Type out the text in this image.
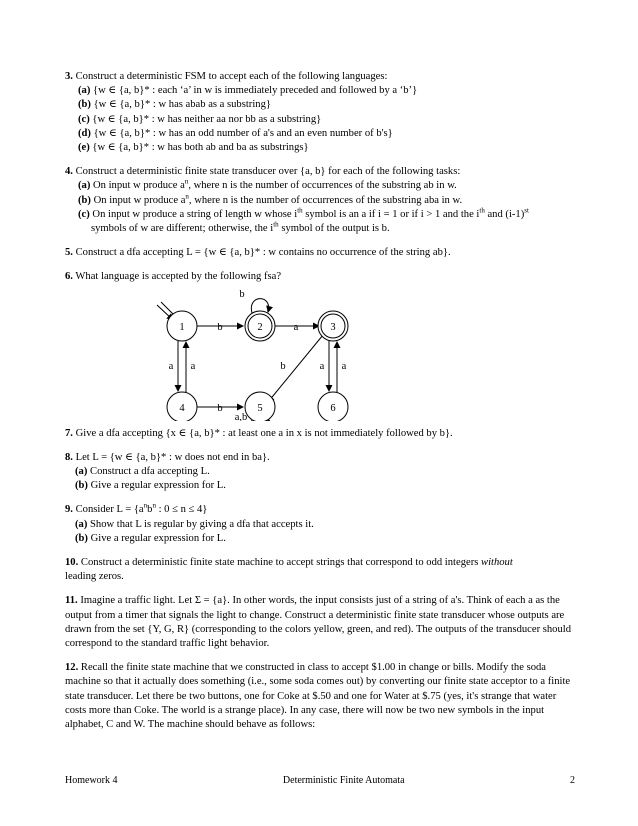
3. Construct a deterministic FSM to accept each of the following languages:

(a) {w ∈ {a, b}* : each ‘a’ in w is immediately preceded and followed by a ‘b’}

(b) {w ∈ {a, b}* : w has abab as a substring}

(c) {w ∈ {a, b}* : w has neither aa nor bb as a substring}

(d) {w ∈ {a, b}* : w has an odd number of a's and an even number of b's}

(e) {w ∈ {a, b}* : w has both ab and ba as substrings}

4. Construct a deterministic finite state transducer over {a, b} for each of the following tasks:

(a) On input w produce $a^n$, where n is the number of occurrences of the substring ab in w.

(b) On input w produce $a^n$, where n is the number of occurrences of the substring aba in w.

(c) On input w produce a string of length w whose $i^{th}$ symbol is an a if i = 1 or if i > 1 and the $i^{th}$ and $(i-1)^{st}$

symbols of w are different; otherwise, the $i^{th}$ symbol of the output is b.

5. Construct a dfa accepting L = {w ∈ {a, b}* : w contains no occurrence of the string ab}.

6. What language is accepted by the following fsa?

1	2	3
4	5	6
b
b	a
a a	b	a a
b
a,b

7. Give a dfa accepting {x ∈ {a, b}* : at least one a in x is not immediately followed by b}.

8. Let L = {w ∈ {a, b}* : w does not end in ba}.

(a) Construct a dfa accepting L.

(b) Give a regular expression for L.

9. Consider $L = \{a^nb^n$ : 0 ≤ n ≤ 4}

(a) Show that L is regular by giving a dfa that accepts it.

(b) Give a regular expression for L.

10. Construct a deterministic finite state machine to accept strings that correspond to odd integers without

leading zeros.

11. Imagine a traffic light. Let Σ = {a}. In other words, the input consists just of a string of a's. Think of each a as the output from a timer that signals the light to change. Construct a deterministic finite state transducer whose outputs are drawn from the set {Y, G, R} (corresponding to the colors yellow, green, and red). The outputs of the transducer should correspond to the standard traffic light behavior.

12. Recall the finite state machine that we constructed in class to accept $1.00 in change or bills. Modify the soda machine so that it actually does something (i.e., some soda comes out) by converting our finite state acceptor to a finite state transducer. Let there be two buttons, one for Coke at $.50 and one for Water at $.75 (yes, it's strange that water costs more than Coke. The world is a strange place). In any case, there will now be two new symbols in the input alphabet, C and W. The machine should behave as follows:

Homework 4	Deterministic Finite Automata	2
